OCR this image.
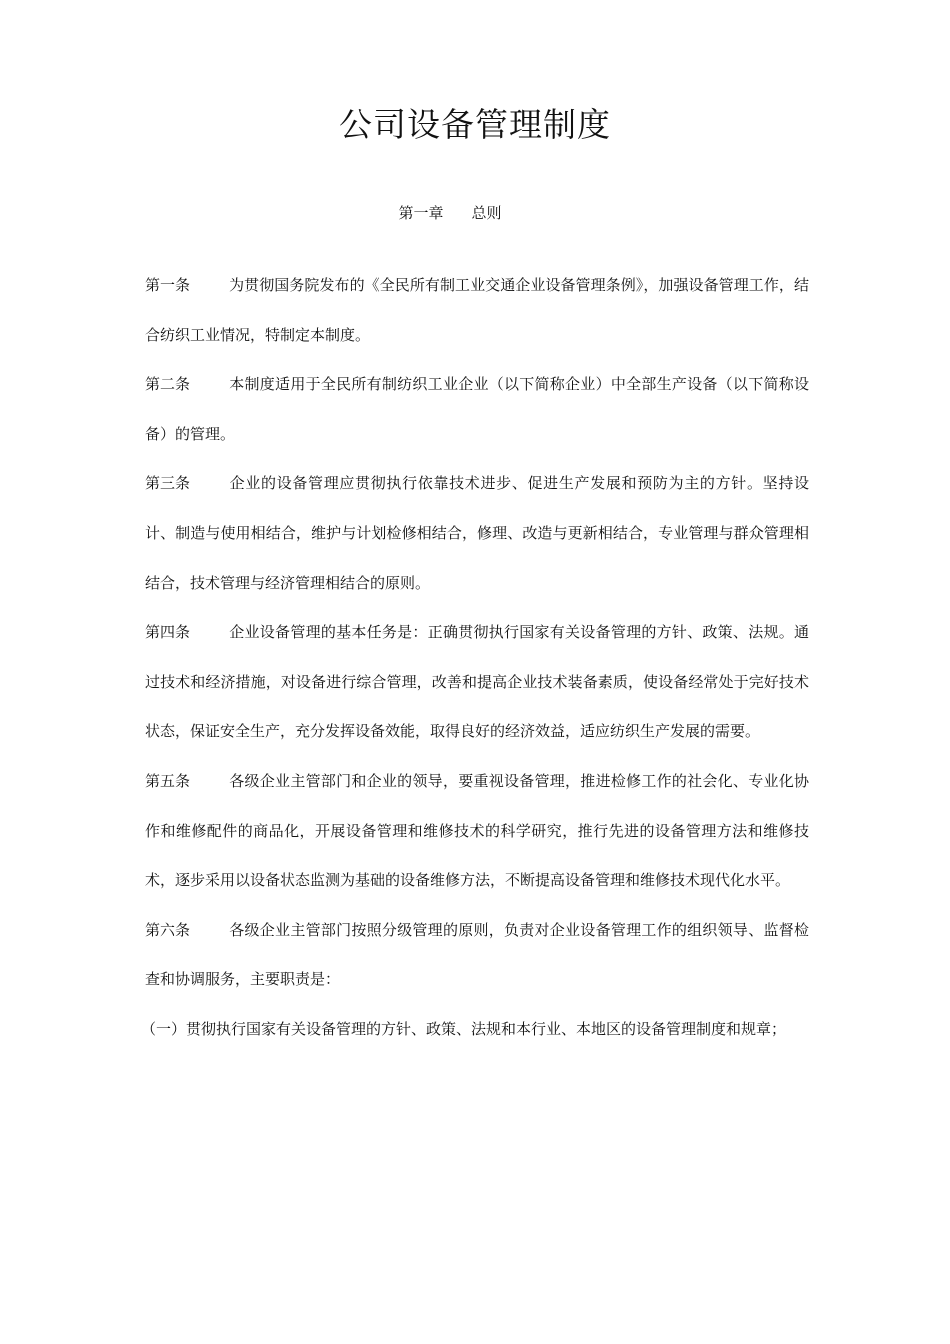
公司设备管理制度
第一章 总则

第一条	为贯彻国务院发布的《全民所有制工业交通企业设备管理条例》，加强设备管理工作，结合纺织工业情况，特制定本制度。

第二条	本制度适用于全民所有制纺织工业企业（以下简称企业）中全部生产设备（以下简称设备）的管理。

第三条	企业的设备管理应贯彻执行依靠技术进步、促进生产发展和预防为主的方针。坚持设计、制造与使用相结合，维护与计划检修相结合，修理、改造与更新相结合，专业管理与群众管理相结合，技术管理与经济管理相结合的原则。

第四条	企业设备管理的基本任务是：正确贯彻执行国家有关设备管理的方针、政策、法规。通过技术和经济措施，对设备进行综合管理，改善和提高企业技术装备素质，使设备经常处于完好技术状态，保证安全生产，充分发挥设备效能，取得良好的经济效益，适应纺织生产发展的需要。

第五条	各级企业主管部门和企业的领导，要重视设备管理，推进检修工作的社会化、专业化协作和维修配件的商品化，开展设备管理和维修技术的科学研究，推行先进的设备管理方法和维修技术，逐步采用以设备状态监测为基础的设备维修方法，不断提高设备管理和维修技术现代化水平。

第六条	各级企业主管部门按照分级管理的原则，负责对企业设备管理工作的组织领导、监督检查和协调服务，主要职责是：

（一）贯彻执行国家有关设备管理的方针、政策、法规和本行业、本地区的设备管理制度和规章；
